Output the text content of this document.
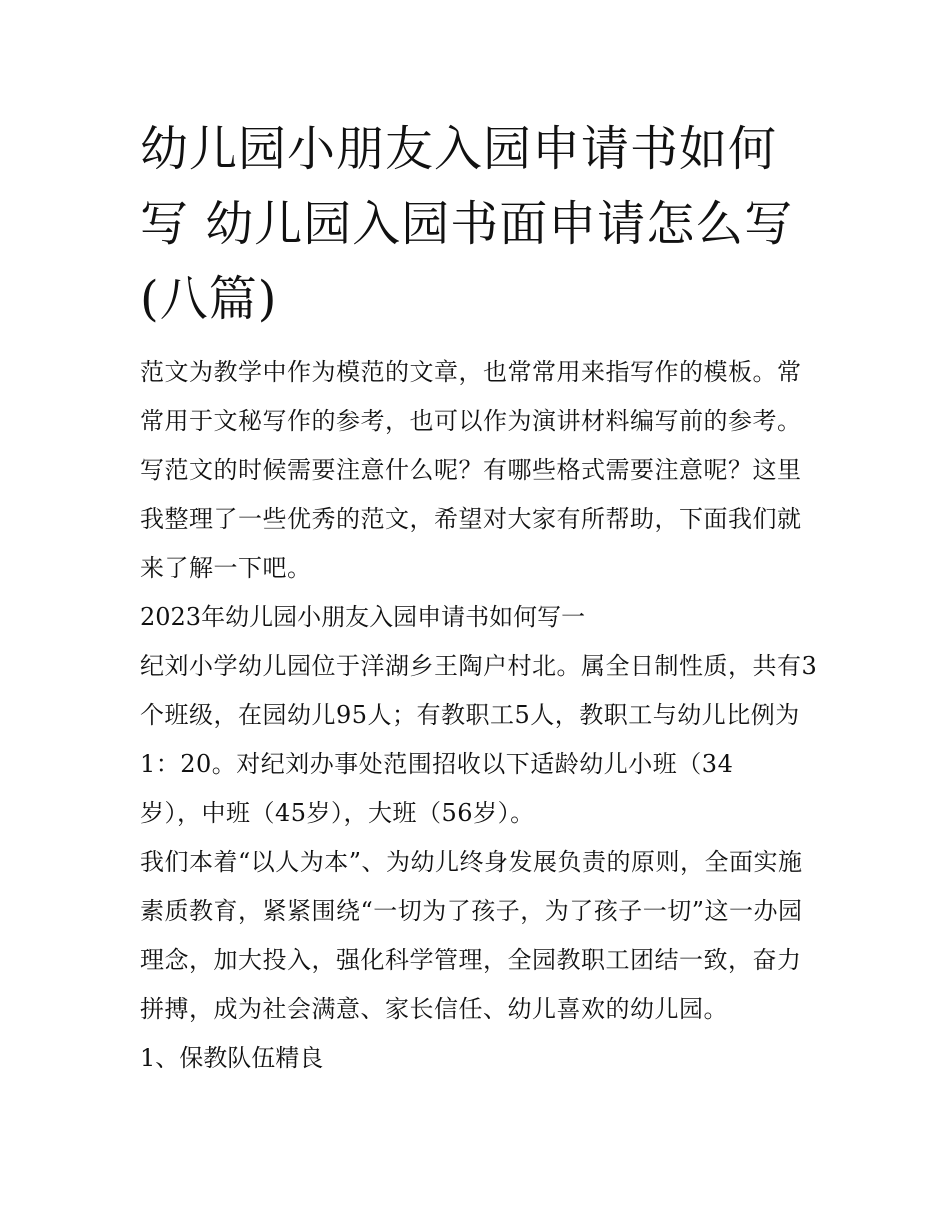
幼儿园小朋友入园申请书如何写 幼儿园入园书面申请怎么写(八篇)

范文为教学中作为模范的文章，也常常用来指写作的模板。常常用于文秘写作的参考，也可以作为演讲材料编写前的参考。写范文的时候需要注意什么呢？有哪些格式需要注意呢？这里我整理了一些优秀的范文，希望对大家有所帮助，下面我们就来了解一下吧。

2023年幼儿园小朋友入园申请书如何写一

纪刘小学幼儿园位于洋湖乡王陶户村北。属全日制性质，共有3个班级，在园幼儿95人；有教职工5人，教职工与幼儿比例为1：20。对纪刘办事处范围招收以下适龄幼儿小班（34

岁），中班（45岁），大班（56岁）。

我们本着“以人为本”、为幼儿终身发展负责的原则，全面实施素质教育，紧紧围绕“一切为了孩子，为了孩子一切”这一办园理念，加大投入，强化科学管理，全园教职工团结一致，奋力拼搏，成为社会满意、家长信任、幼儿喜欢的幼儿园。

1、保教队伍精良
